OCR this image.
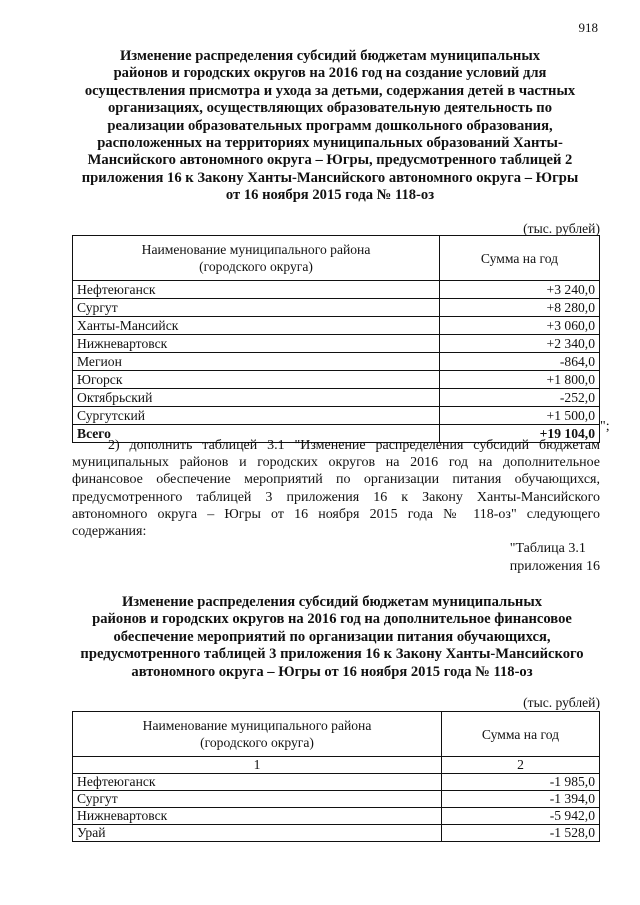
918
Изменение распределения субсидий бюджетам муниципальных
районов и городских округов на 2016 год на создание условий для
осуществления присмотра и ухода за детьми, содержания детей в частных
организациях, осуществляющих образовательную деятельность по
реализации образовательных программ дошкольного образования,
расположенных на территориях муниципальных образований Ханты-
Мансийского автономного округа – Югры, предусмотренного таблицей 2
приложения 16 к Закону Ханты-Мансийского автономного округа – Югры
от 16 ноября 2015 года № 118-оз
(тыс. рублей)
Наименование муниципального района
(городского округа)	Сумма на год
Нефтеюганск	+3 240,0
Сургут	+8 280,0
Ханты-Мансийск	+3 060,0
Нижневартовск	+2 340,0
Мегион	-864,0
Югорск	+1 800,0
Октябрьский	-252,0
Сургутский	+1 500,0
Всего	+19 104,0 ";
2) дополнить таблицей 3.1 "Изменение распределения субсидий бюджетам
муниципальных районов и городских округов на 2016 год на дополнительное
финансовое обеспечение мероприятий по организации питания обучающихся,
предусмотренного таблицей 3 приложения 16 к Закону Ханты-Мансийского
автономного округа – Югры от 16 ноября 2015 года № 118-оз" следующего
содержания:
"Таблица 3.1
приложения 16
Изменение распределения субсидий бюджетам муниципальных
районов и городских округов на 2016 год на дополнительное финансовое
обеспечение мероприятий по организации питания обучающихся,
предусмотренного таблицей 3 приложения 16 к Закону Ханты-Мансийского
автономного округа – Югры от 16 ноября 2015 года № 118-оз
(тыс. рублей)
Наименование муниципального района
(городского округа)	Сумма на год
1	2
Нефтеюганск	-1 985,0
Сургут	-1 394,0
Нижневартовск	-5 942,0
Урай	-1 528,0
